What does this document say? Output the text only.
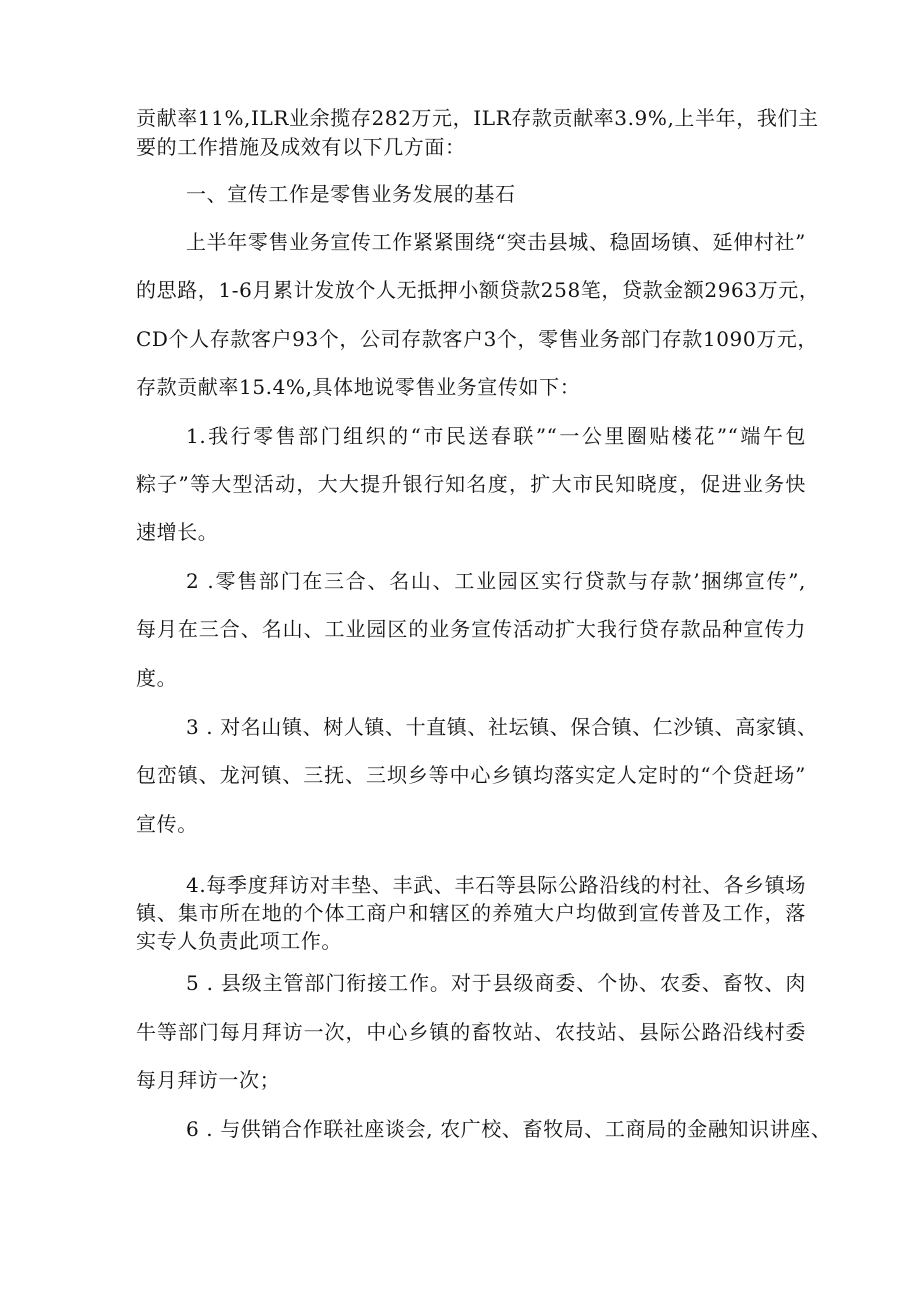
贡献率11%,ILR业余揽存282万元，ILR存款贡献率3.9%,上半年，我们主
要的工作措施及成效有以下几方面：
一、宣传工作是零售业务发展的基石
上半年零售业务宣传工作紧紧围绕“突击县城、稳固场镇、延伸村社”
的思路，1-6月累计发放个人无抵押小额贷款258笔，贷款金额2963万元，
CD个人存款客户93个，公司存款客户3个，零售业务部门存款1090万元，
存款贡献率15.4%,具体地说零售业务宣传如下：
1.我行零售部门组织的“市民送春联”“一公里圈贴楼花”“端午包
粽子”等大型活动，大大提升银行知名度，扩大市民知晓度，促进业务快
速增长。
2 .零售部门在三合、名山、工业园区实行贷款与存款’捆绑宣传”,
每月在三合、名山、工业园区的业务宣传活动扩大我行贷存款品种宣传力
度。
3 . 对名山镇、树人镇、十直镇、社坛镇、保合镇、仁沙镇、高家镇、
包峦镇、龙河镇、三抚、三坝乡等中心乡镇均落实定人定时的“个贷赶场”
宣传。
4.每季度拜访对丰垫、丰武、丰石等县际公路沿线的村社、各乡镇场
镇、集市所在地的个体工商户和辖区的养殖大户均做到宣传普及工作，落
实专人负责此项工作。
5 . 县级主管部门衔接工作。对于县级商委、个协、农委、畜牧、肉
牛等部门每月拜访一次，中心乡镇的畜牧站、农技站、县际公路沿线村委
每月拜访一次；
6 . 与供销合作联社座谈会, 农广校、畜牧局、工商局的金融知识讲座、
